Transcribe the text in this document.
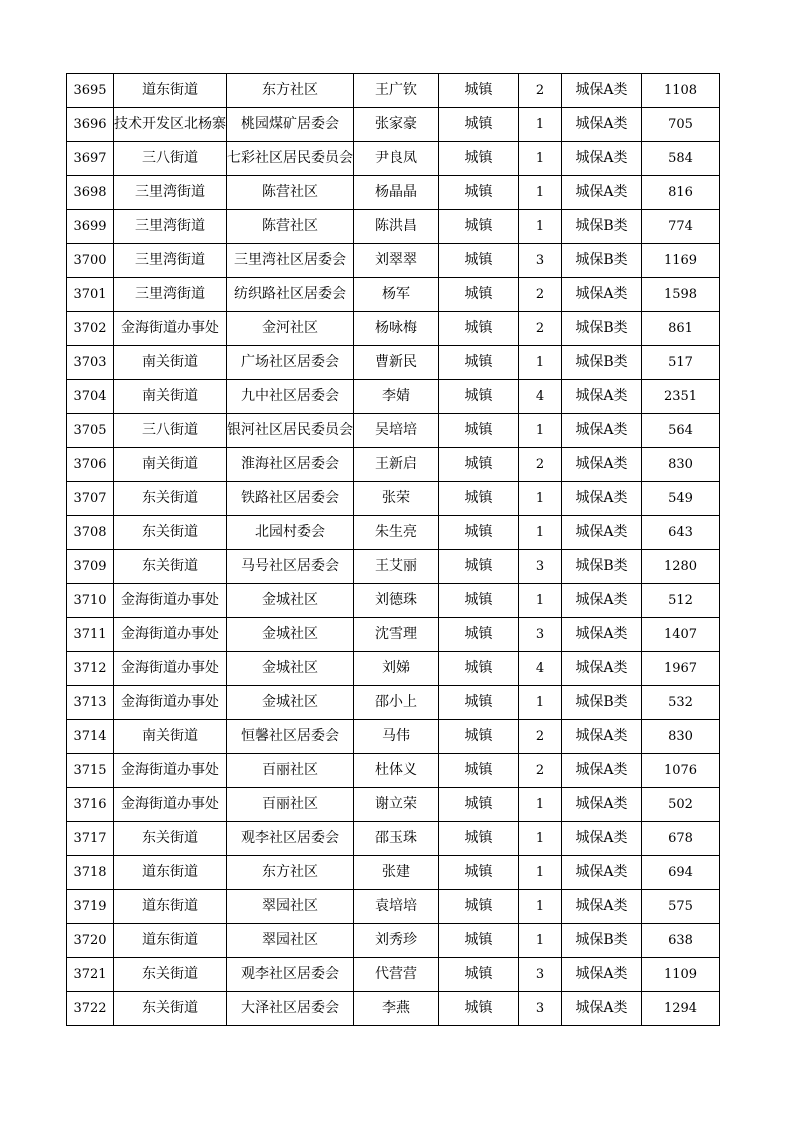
3695	道东街道	东方社区	王广钦	城镇	2	城保A类	1108
3696	技术开发区北杨寨	桃园煤矿居委会	张家豪	城镇	1	城保A类	705
3697	三八街道	七彩社区居民委员会	尹良凤	城镇	1	城保A类	584
3698	三里湾街道	陈营社区	杨晶晶	城镇	1	城保A类	816
3699	三里湾街道	陈营社区	陈洪昌	城镇	1	城保B类	774
3700	三里湾街道	三里湾社区居委会	刘翠翠	城镇	3	城保B类	1169
3701	三里湾街道	纺织路社区居委会	杨军	城镇	2	城保A类	1598
3702	金海街道办事处	金河社区	杨咏梅	城镇	2	城保B类	861
3703	南关街道	广场社区居委会	曹新民	城镇	1	城保B类	517
3704	南关街道	九中社区居委会	李婧	城镇	4	城保A类	2351
3705	三八街道	银河社区居民委员会	吴培培	城镇	1	城保A类	564
3706	南关街道	淮海社区居委会	王新启	城镇	2	城保A类	830
3707	东关街道	铁路社区居委会	张荣	城镇	1	城保A类	549
3708	东关街道	北园村委会	朱生亮	城镇	1	城保A类	643
3709	东关街道	马号社区居委会	王艾丽	城镇	3	城保B类	1280
3710	金海街道办事处	金城社区	刘德珠	城镇	1	城保A类	512
3711	金海街道办事处	金城社区	沈雪理	城镇	3	城保A类	1407
3712	金海街道办事处	金城社区	刘娣	城镇	4	城保A类	1967
3713	金海街道办事处	金城社区	邵小上	城镇	1	城保B类	532
3714	南关街道	恒馨社区居委会	马伟	城镇	2	城保A类	830
3715	金海街道办事处	百丽社区	杜体义	城镇	2	城保A类	1076
3716	金海街道办事处	百丽社区	谢立荣	城镇	1	城保A类	502
3717	东关街道	观李社区居委会	邵玉珠	城镇	1	城保A类	678
3718	道东街道	东方社区	张建	城镇	1	城保A类	694
3719	道东街道	翠园社区	袁培培	城镇	1	城保A类	575
3720	道东街道	翠园社区	刘秀珍	城镇	1	城保B类	638
3721	东关街道	观李社区居委会	代营营	城镇	3	城保A类	1109
3722	东关街道	大泽社区居委会	李燕	城镇	3	城保A类	1294
